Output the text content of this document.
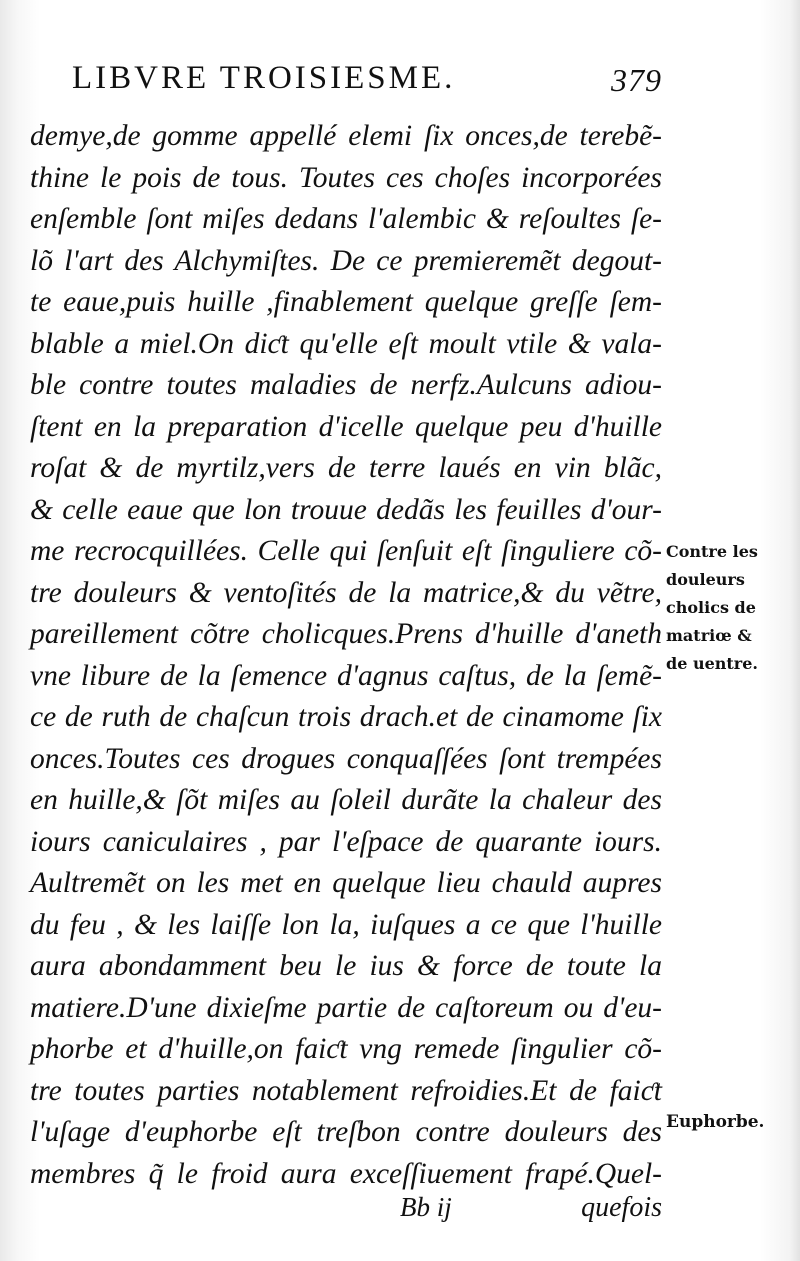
LIBVRE TROISIESME.	379
demye,de gomme appellé elemi ſix onces,de terebẽ-
thine le pois de tous. Toutes ces choſes incorporées
enſemble ſont miſes dedans l'alembic & reſoultes ſe-
lõ l'art des Alchymiſtes. De ce premieremẽt degout-
te eaue,puis huille ,finablement quelque greſſe ſem-
blable a miel.On diƈt qu'elle eſt moult vtile & vala-
ble contre toutes maladies de nerfz.Aulcuns adiou-
ſtent en la preparation d'icelle quelque peu d'huille
roſat & de myrtilz,vers de terre laués en vin blãc,
& celle eaue que lon trouue dedãs les feuilles d'our-
me recrocquillées. Celle qui ſenſuit eſt ſinguliere cõ-
tre douleurs & ventoſités de la matrice,& du vẽtre,
pareillement cõtre cholicques.Prens d'huille d'aneth
vne libure de la ſemence d'agnus caſtus, de la ſemẽ-
ce de ruth de chaſcun trois drach.et de cinamome ſix
onces.Toutes ces drogues conquaſſées ſont trempées
en huille,& ſõt miſes au ſoleil durãte la chaleur des
iours caniculaires , par l'eſpace de quarante iours.
Aultremẽt on les met en quelque lieu chauld aupres
du feu , & les laiſſe lon la, iuſques a ce que l'huille
aura abondamment beu le ius & force de toute la
matiere.D'une dixieſme partie de caſtoreum ou d'eu-
phorbe et d'huille,on faiƈt vng remede ſingulier cõ-
tre toutes parties notablement refroidies.Et de faiƈt
l'uſage d'euphorbe eſt treſbon contre douleurs des
membres q̃ le froid aura exceſſiuement frapé.Quel-
Contre les
douleurs
cholics de
matriœ &
de uentre.
Euphorbe.
Bb ij	quefois
